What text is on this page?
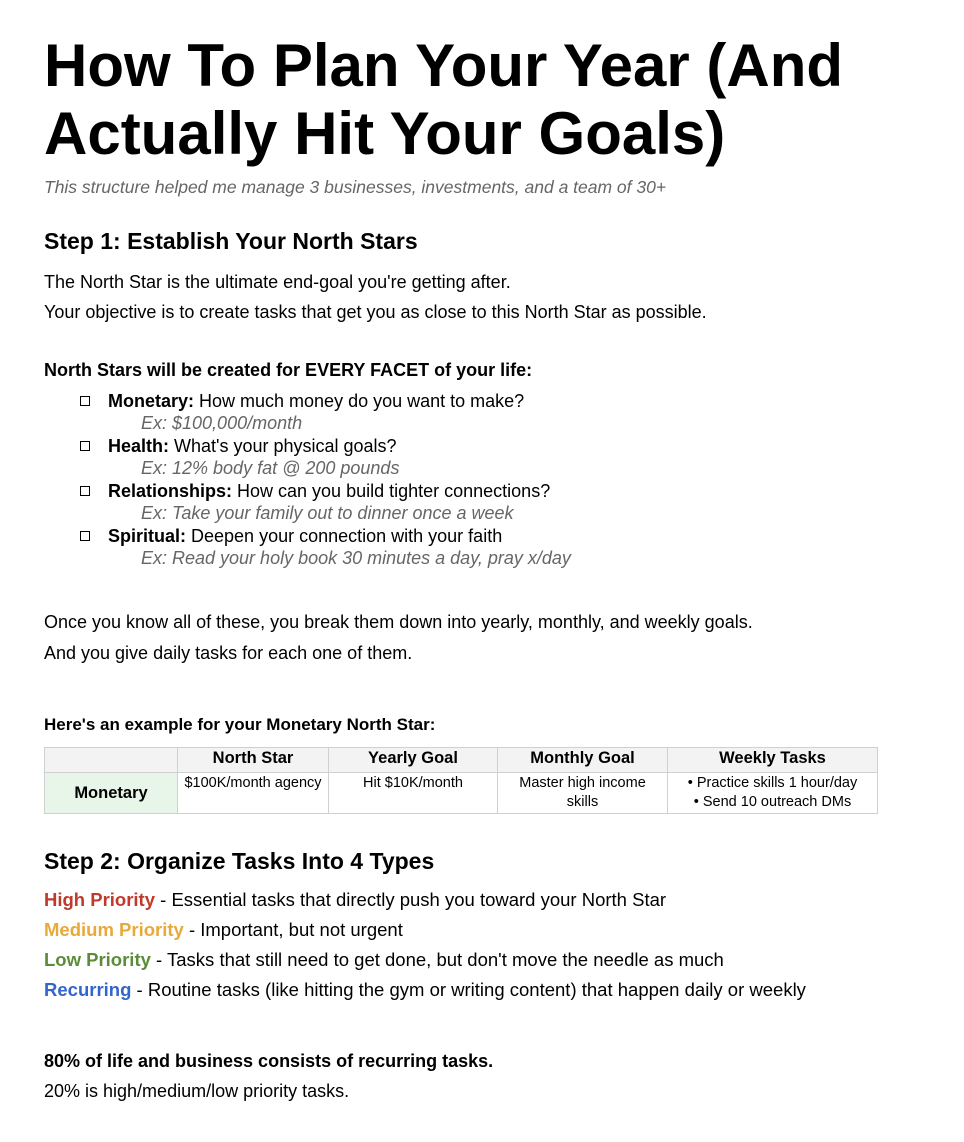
How To Plan Your Year (And Actually Hit Your Goals)
This structure helped me manage 3 businesses, investments, and a team of 30+
Step 1: Establish Your North Stars
The North Star is the ultimate end-goal you're getting after.
Your objective is to create tasks that get you as close to this North Star as possible.
North Stars will be created for EVERY FACET of your life:
Monetary: How much money do you want to make?
Ex: $100,000/month
Health: What's your physical goals?
Ex: 12% body fat @ 200 pounds
Relationships: How can you build tighter connections?
Ex: Take your family out to dinner once a week
Spiritual: Deepen your connection with your faith
Ex: Read your holy book 30 minutes a day, pray x/day
Once you know all of these, you break them down into yearly, monthly, and weekly goals.
And you give daily tasks for each one of them.
Here's an example for your Monetary North Star:
	North Star	Yearly Goal	Monthly Goal	Weekly Tasks
Monetary	$100K/month agency	Hit $10K/month	Master high income skills	• Practice skills 1 hour/day
• Send 10 outreach DMs
Step 2: Organize Tasks Into 4 Types
High Priority - Essential tasks that directly push you toward your North Star
Medium Priority - Important, but not urgent
Low Priority - Tasks that still need to get done, but don't move the needle as much
Recurring - Routine tasks (like hitting the gym or writing content) that happen daily or weekly
80% of life and business consists of recurring tasks.
20% is high/medium/low priority tasks.
